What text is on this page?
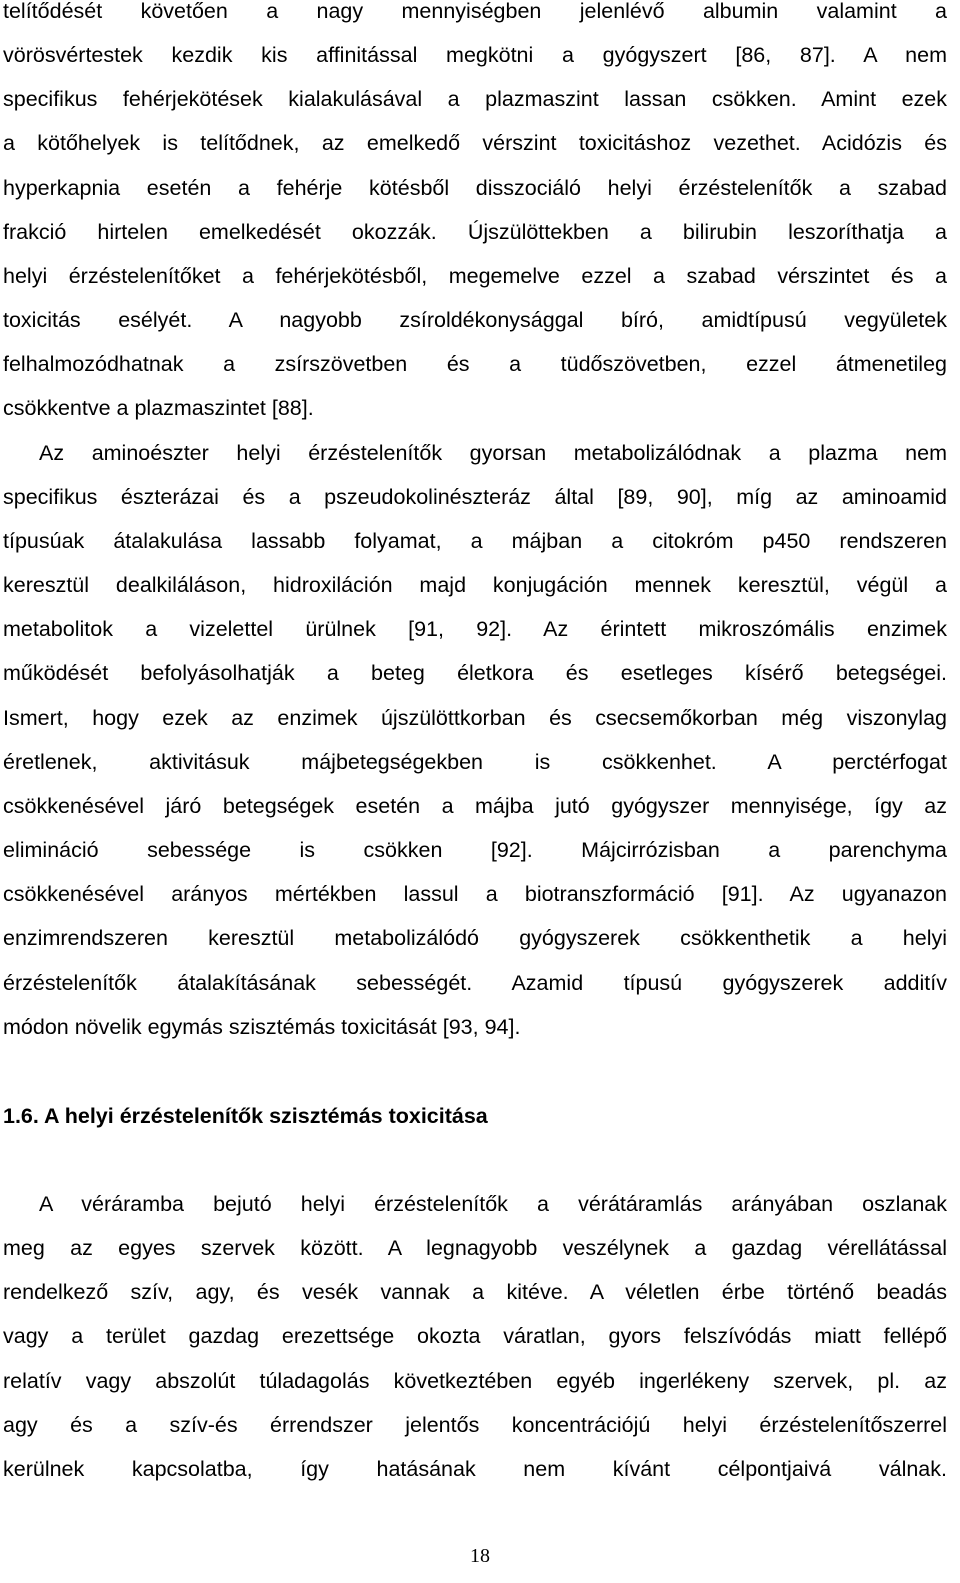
telítődését követően a nagy mennyiségben jelenlévő albumin valamint a
vörösvértestek kezdik kis affinitással megkötni a gyógyszert [86, 87]. A nem
specifikus fehérjekötések kialakulásával a plazmaszint lassan csökken. Amint ezek
a kötőhelyek is telítődnek, az emelkedő vérszint toxicitáshoz vezethet. Acidózis és
hyperkapnia esetén a fehérje kötésből disszociáló helyi érzéstelenítők a szabad
frakció hirtelen emelkedését okozzák. Újszülöttekben a bilirubin leszoríthatja a
helyi érzéstelenítőket a fehérjekötésből, megemelve ezzel a szabad vérszintet és a
toxicitás esélyét. A nagyobb zsíroldékonysággal bíró, amidtípusú vegyületek
felhalmozódhatnak a zsírszövetben és a tüdőszövetben, ezzel átmenetileg
csökkentve a plazmaszintet [88].
Az aminoészter helyi érzéstelenítők gyorsan metabolizálódnak a plazma nem
specifikus észterázai és a pszeudokolinészteráz által [89, 90], míg az aminoamid
típusúak átalakulása lassabb folyamat, a májban a citokróm p450 rendszeren
keresztül dealkiláláson, hidroxiláción majd konjugáción mennek keresztül, végül a
metabolitok a vizelettel ürülnek [91, 92]. Az érintett mikroszómális enzimek
működését befolyásolhatják a beteg életkora és esetleges kísérő betegségei.
Ismert, hogy ezek az enzimek újszülöttkorban és csecsemőkorban még viszonylag
éretlenek, aktivitásuk májbetegségekben is csökkenhet. A perctérfogat
csökkenésével járó betegségek esetén a májba jutó gyógyszer mennyisége, így az
elimináció sebessége is csökken [92]. Májcirrózisban a parenchyma
csökkenésével arányos mértékben lassul a biotranszformáció [91]. Az ugyanazon
enzimrendszeren keresztül metabolizálódó gyógyszerek csökkenthetik a helyi
érzéstelenítők átalakításának sebességét. Azamid típusú gyógyszerek additív
módon növelik egymás szisztémás toxicitását [93, 94].
1.6. A helyi érzéstelenítők szisztémás toxicitása
A véráramba bejutó helyi érzéstelenítők a vérátáramlás arányában oszlanak
meg az egyes szervek között. A legnagyobb veszélynek a gazdag vérellátással
rendelkező szív, agy, és vesék vannak a kitéve. A véletlen érbe történő beadás
vagy a terület gazdag erezettsége okozta váratlan, gyors felszívódás miatt fellépő
relatív vagy abszolút túladagolás következtében egyéb ingerlékeny szervek, pl. az
agy és a szív-és érrendszer jelentős koncentrációjú helyi érzéstelenítőszerrel
kerülnek kapcsolatba, így hatásának nem kívánt célpontjaivá válnak.
18
